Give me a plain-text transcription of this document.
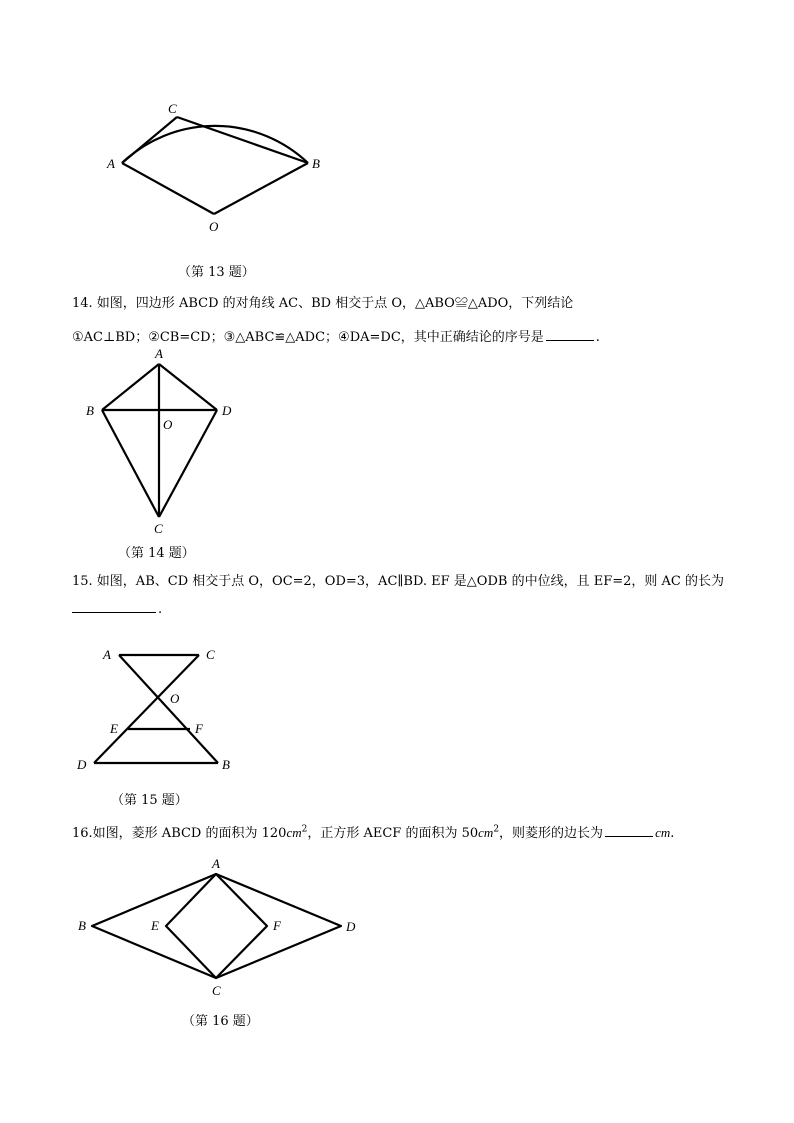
C
A	B
O
A
B	D
O
C
A	C
O
E	F
D	B
A
B	E	F	D
C
（第 13 题）
（第 14 题）
（第 15 题）
（第 16 题）
14. 如图，四边形 ABCD 的对角线 AC、BD 相交于点 O，△ABO≌△ADO，下列结论
①AC⊥BD；②CB=CD；③△ABC≌△ADC；④DA=DC，其中正确结论的序号是	.
15. 如图，AB、CD 相交于点 O，OC=2，OD=3，AC∥BD. EF 是△ODB 的中位线，且 EF=2，则 AC 的长为
.
16.如图，菱形 ABCD 的面积为 $120cm^2$，正方形 AECF 的面积为 $50cm^2$，则菱形的边长为	cm.
